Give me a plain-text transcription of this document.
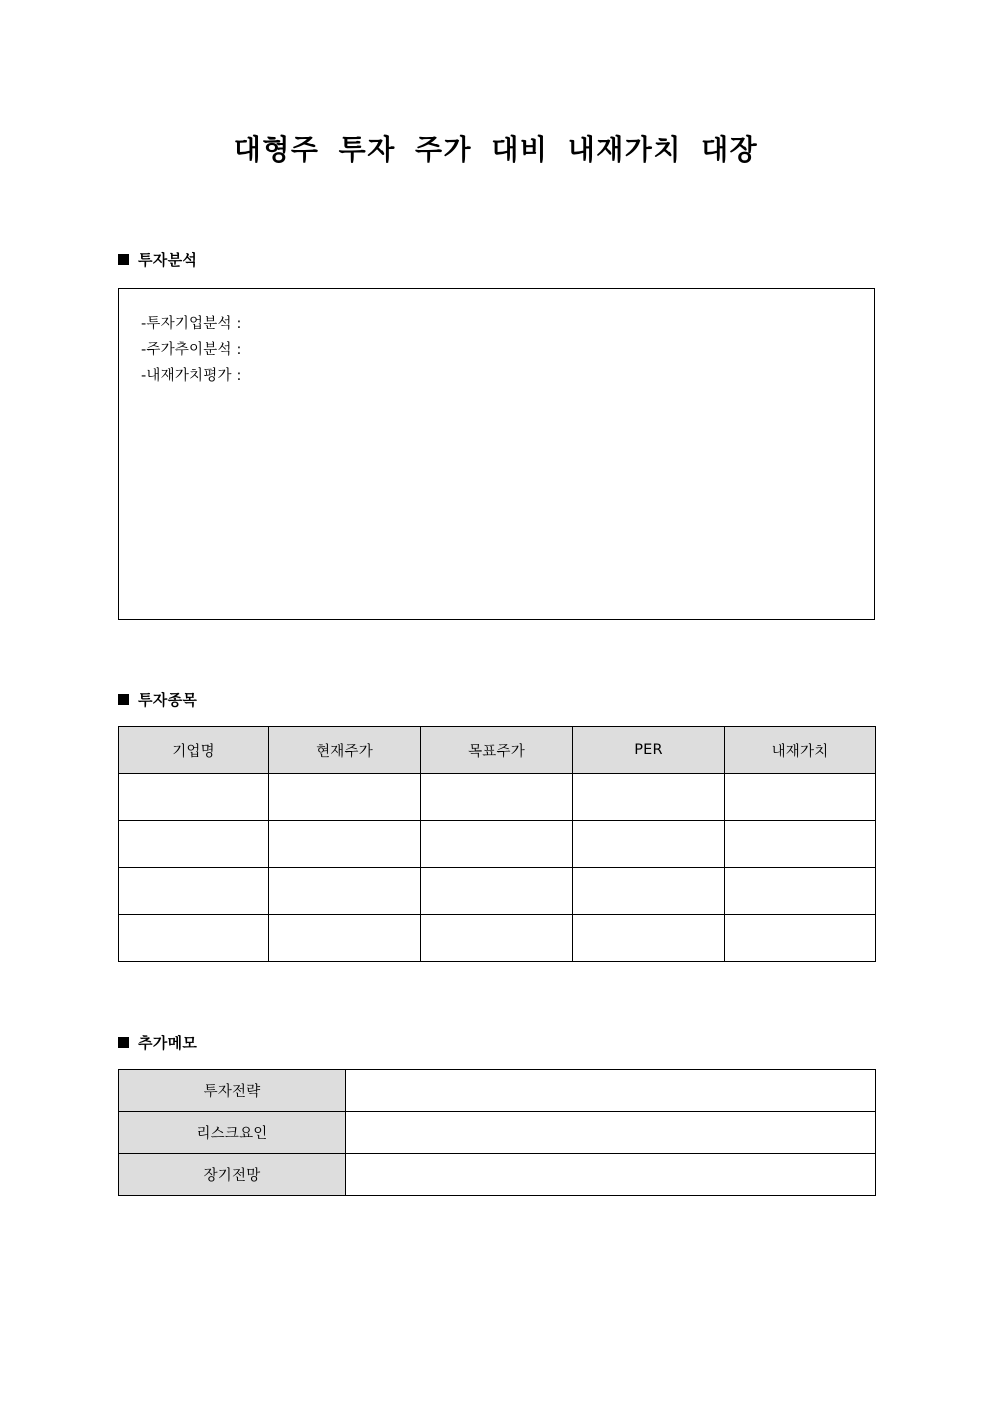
대형주 투자 주가 대비 내재가치 대장
투자분석
-투자기업분석 :
-주가추이분석 :
-내재가치평가 :
투자종목
기업명	현재주가	목표주가	PER	내재가치

추가메모
투자전략	
리스크요인	
장기전망	
